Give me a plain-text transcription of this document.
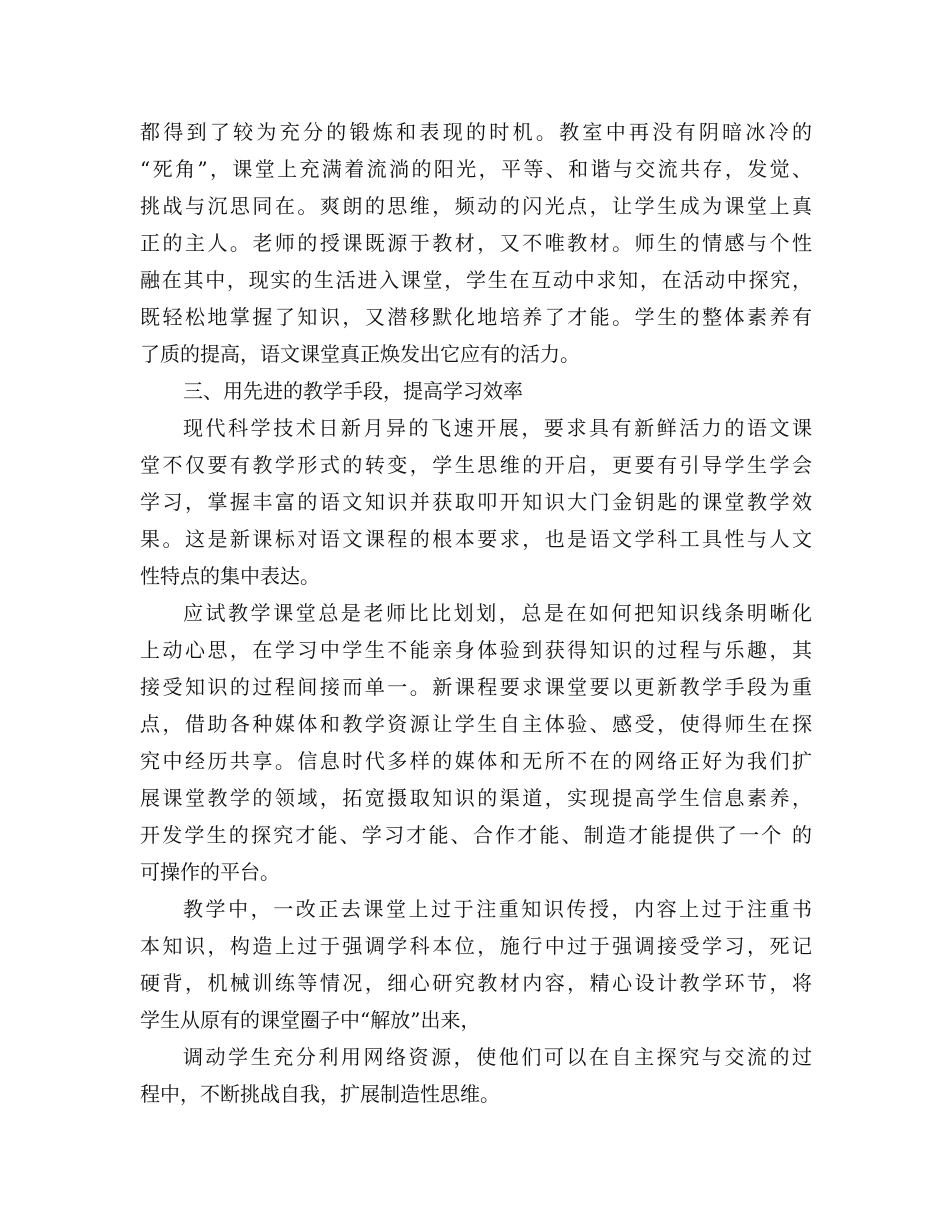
都得到了较为充分的锻炼和表现的时机。教室中再没有阴暗冰冷的
“死角”，课堂上充满着流淌的阳光，平等、和谐与交流共存，发觉、
挑战与沉思同在。爽朗的思维，频动的闪光点，让学生成为课堂上真
正的主人。老师的授课既源于教材，又不唯教材。师生的情感与个性
融在其中，现实的生活进入课堂，学生在互动中求知，在活动中探究，
既轻松地掌握了知识，又潜移默化地培养了才能。学生的整体素养有
了质的提高，语文课堂真正焕发出它应有的活力。
三、用先进的教学手段，提高学习效率
现代科学技术日新月异的飞速开展，要求具有新鲜活力的语文课
堂不仅要有教学形式的转变，学生思维的开启，更要有引导学生学会
学习，掌握丰富的语文知识并获取叩开知识大门金钥匙的课堂教学效
果。这是新课标对语文课程的根本要求，也是语文学科工具性与人文
性特点的集中表达。
应试教学课堂总是老师比比划划，总是在如何把知识线条明晰化
上动心思，在学习中学生不能亲身体验到获得知识的过程与乐趣，其
接受知识的过程间接而单一。新课程要求课堂要以更新教学手段为重
点，借助各种媒体和教学资源让学生自主体验、感受，使得师生在探
究中经历共享。信息时代多样的媒体和无所不在的网络正好为我们扩
展课堂教学的领域，拓宽摄取知识的渠道，实现提高学生信息素养，
开发学生的探究才能、学习才能、合作才能、制造才能提供了一个 的
可操作的平台。
教学中，一改正去课堂上过于注重知识传授，内容上过于注重书
本知识，构造上过于强调学科本位，施行中过于强调接受学习，死记
硬背，机械训练等情况，细心研究教材内容，精心设计教学环节，将
学生从原有的课堂圈子中“解放”出来，
调动学生充分利用网络资源，使他们可以在自主探究与交流的过
程中，不断挑战自我，扩展制造性思维。
